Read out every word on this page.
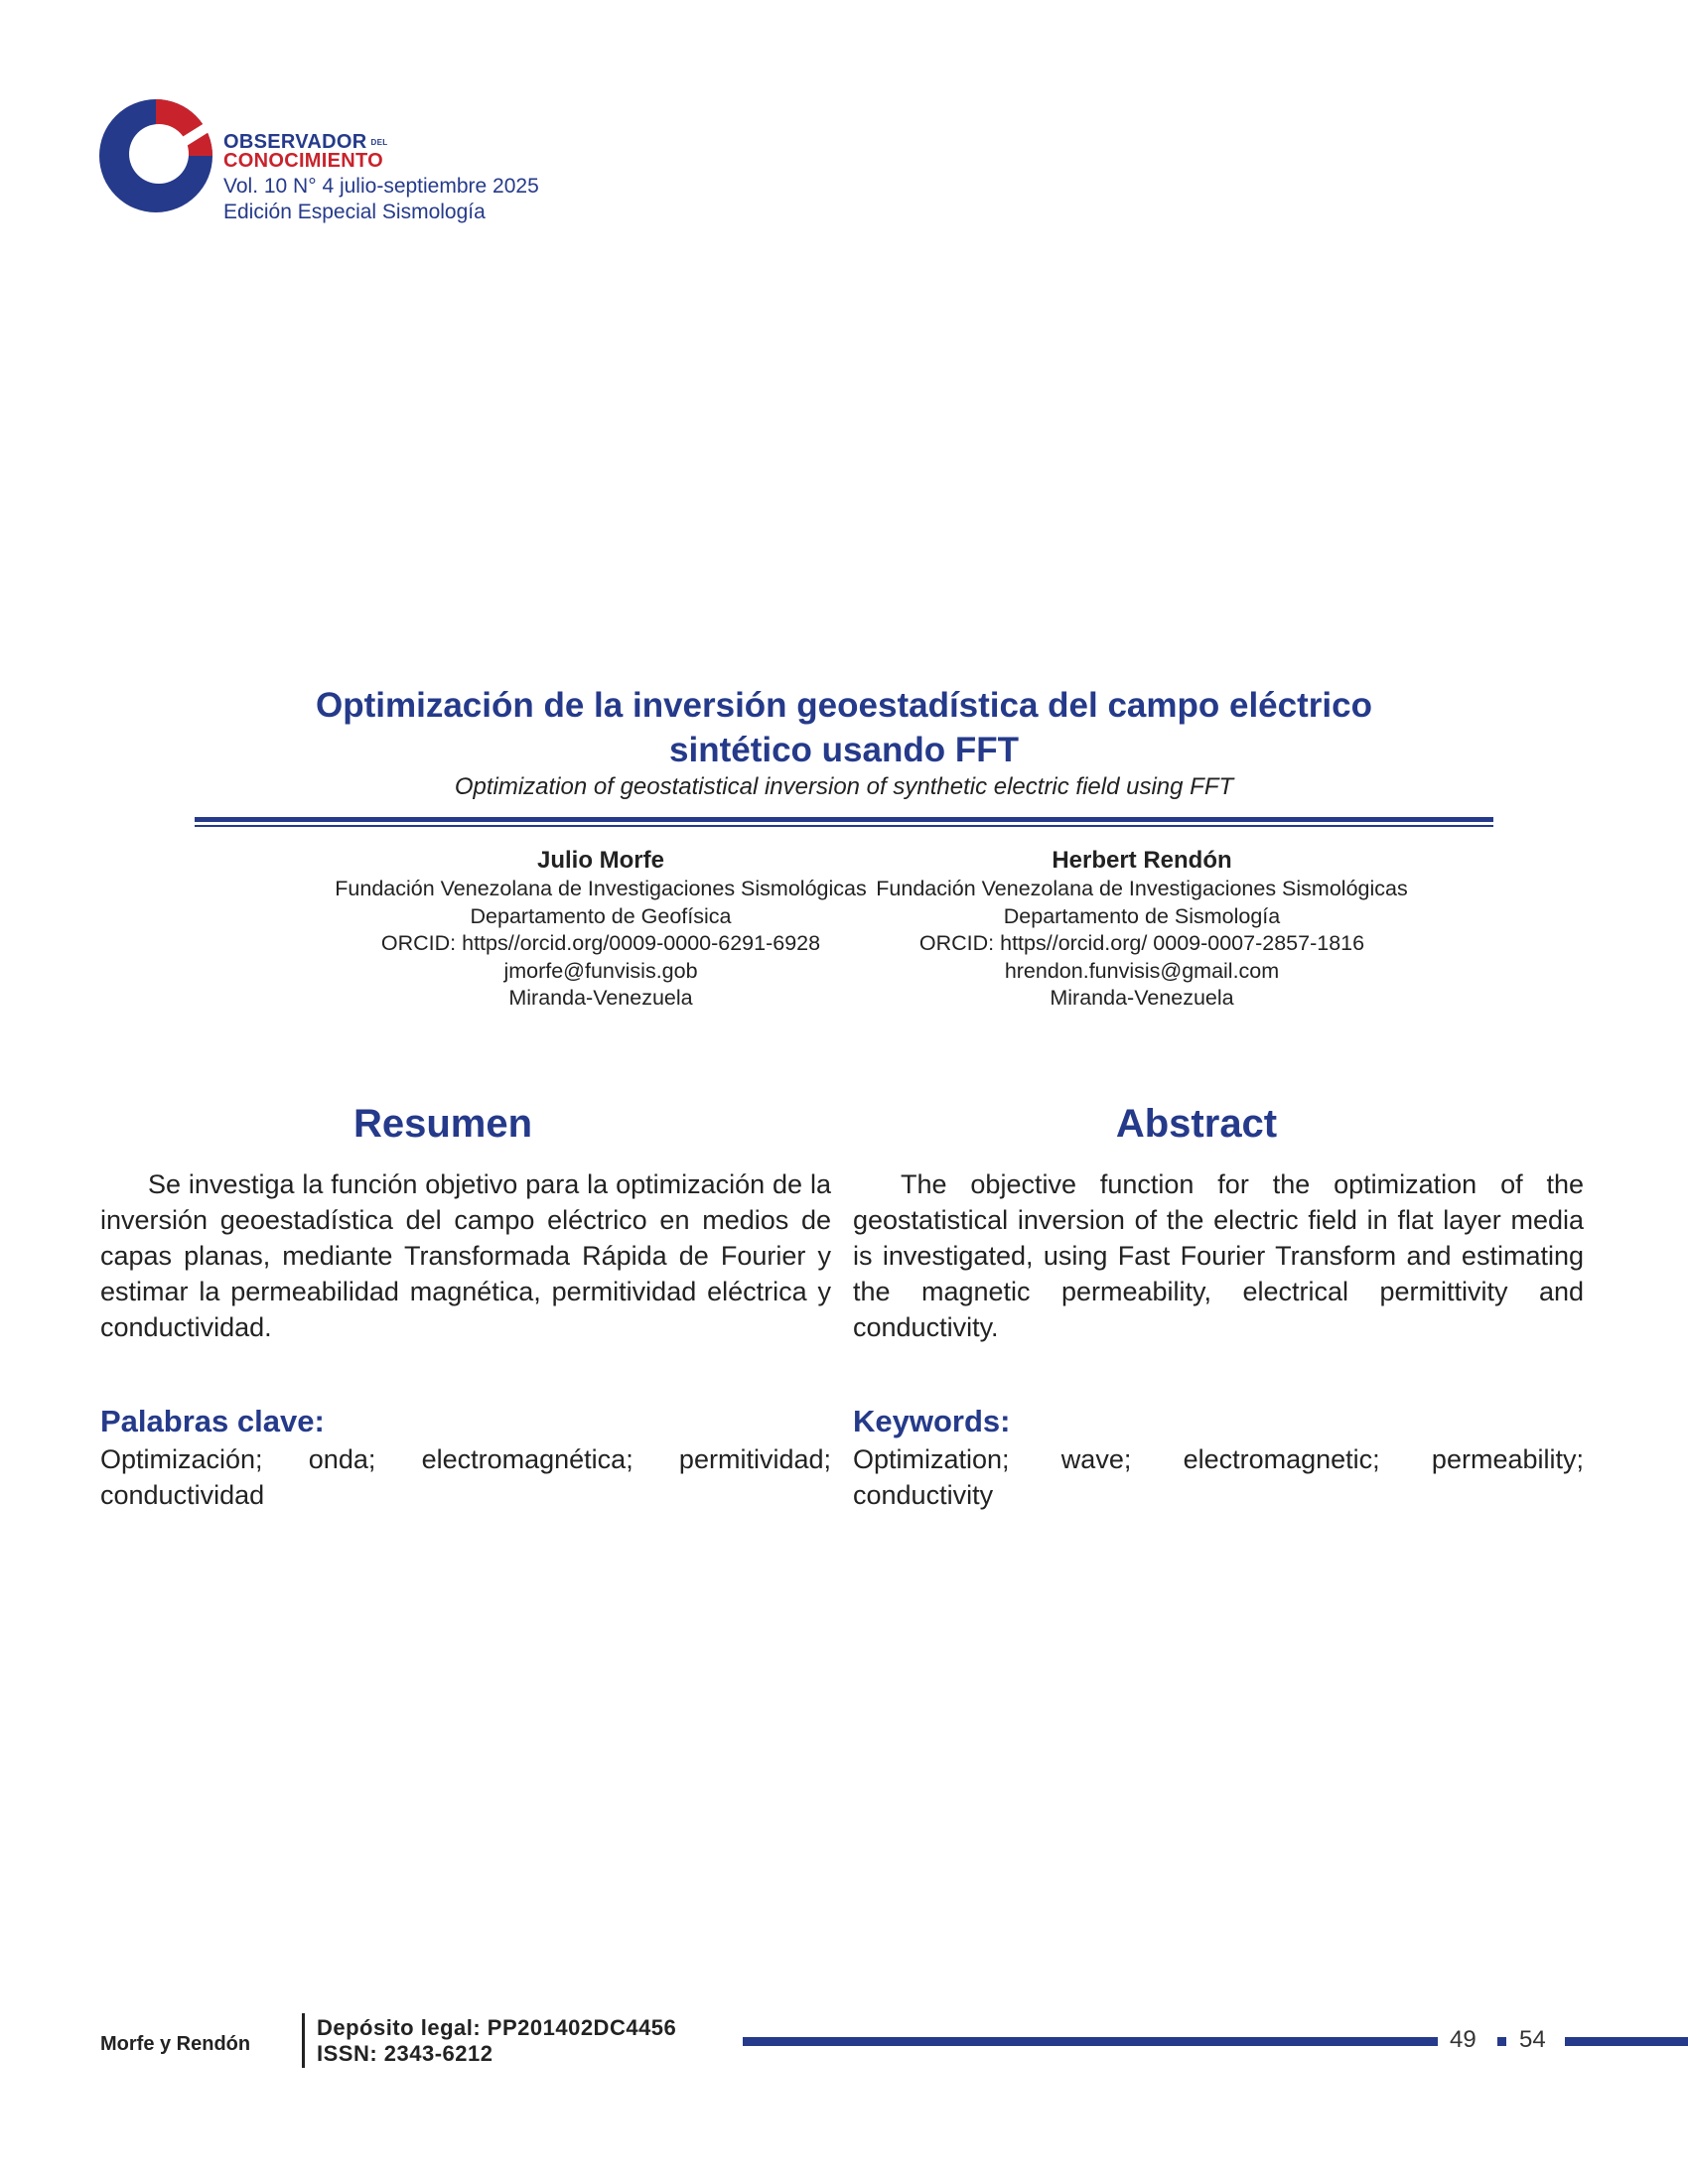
OBSERVADOR DEL
CONOCIMIENTO
Vol. 10 N° 4 julio-septiembre 2025
Edición Especial Sismología
Optimización de la inversión geoestadística del campo eléctrico
sintético usando FFT
Optimization of geostatistical inversion of synthetic electric field using FFT
Julio Morfe
Fundación Venezolana de Investigaciones Sismológicas
Departamento de Geofísica
ORCID: https//orcid.org/0009-0000-6291-6928
jmorfe@funvisis.gob
Miranda-Venezuela
Herbert Rendón
Fundación Venezolana de Investigaciones Sismológicas
Departamento de Sismología
ORCID: https//orcid.org/ 0009-0007-2857-1816
hrendon.funvisis@gmail.com
Miranda-Venezuela
Resumen

Se investiga la función objetivo para la optimización de la inversión geoestadística del campo eléctrico en medios de capas planas, mediante Transformada Rápida de Fourier y estimar la permeabilidad magnética, permitividad eléctrica y conductividad.

Abstract

The objective function for the optimization of the geostatistical inversion of the electric field in flat layer media is investigated, using Fast Fourier Transform and estimating the magnetic permeability, electrical permittivity and conductivity.

Palabras clave:
Optimización; onda; electromagnética; permitividad; conductividad
Keywords:
Optimization; wave; electromagnetic; permeability; conductivity
Morfe y Rendón
Depósito legal: PP201402DC4456
ISSN: 2343-6212
49 54
